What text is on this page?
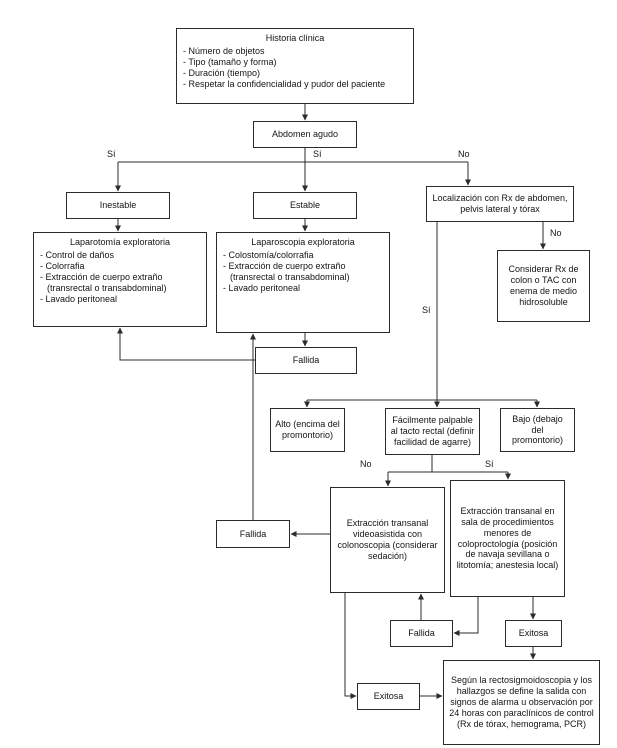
Historia clínica
- Número de objetos
- Tipo (tamaño y forma)
- Duración (tiempo)
- Respetar la confidencialidad y pudor del paciente
Abdomen agudo
Inestable	Estable
Localización con Rx de abdomen, pelvis lateral y tórax
Laparotomía exploratoria
- Control de daños
- Colorrafia
- Extracción de cuerpo extraño (transrectal o transabdominal)
- Lavado peritoneal
Laparoscopia exploratoria
- Colostomía/colorrafia
- Extracción de cuerpo extraño (transrectal o transabdominal)
- Lavado peritoneal
Fallida
Considerar Rx de colon o TAC con enema de medio hidrosoluble
Alto (encima del promontorio)
Fácilmente palpable al tacto rectal (definir facilidad de agarre)
Bajo (debajo del promontorio)
Extracción transanal videoasistida con colonoscopia (considerar sedación)
Extracción transanal en sala de procedimientos menores de coloproctología (posición de navaja sevillana o litotomía; anestesia local)
Fallida
Fallida	Exitosa
Exitosa
Según la rectosigmoidoscopia y los hallazgos se define la salida con signos de alarma u observación por 24 horas con paraclínicos de control (Rx de tórax, hemograma, PCR)
Sí	Sí	No
No
Sí
No	Sí
